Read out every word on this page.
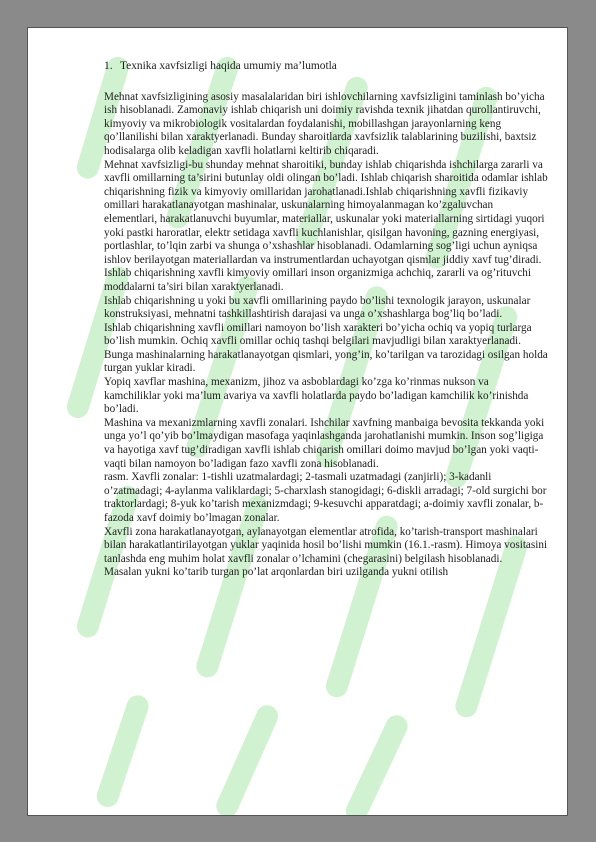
1. Texnika xavfsizligi haqida umumiy ma’lumotla

Mehnat xavfsizligining asosiy masalalaridan biri ishlovchilarning xavfsizligini taminlash bo’yicha ish hisoblanadi. Zamonaviy ishlab chiqarish uni doimiy ravishda texnik jihatdan qurollantiruvchi, kimyoviy va mikrobiologik vositalardan foydalanishi, mobillashgan jarayonlarning keng qo’llanilishi bilan xaraktyerlanadi. Bunday sharoitlarda xavfsizlik talablarining buzilishi, baxtsiz hodisalarga olib keladigan xavfli holatlarni keltirib chiqaradi.

Mehnat xavfsizligi-bu shunday mehnat sharoitiki, bunday ishlab chiqarishda ishchilarga zararli va xavfli omillarning ta’sirini butunlay oldi olingan bo’ladi. Ishlab chiqarish sharoitida odamlar ishlab chiqarishning fizik va kimyoviy omillaridan jarohatlanadi.Ishlab chiqarishning xavfli fizikaviy omillari harakatlanayotgan mashinalar, uskunalarning himoyalanmagan ko’zgaluvchan elementlari, harakatlanuvchi buyumlar, materiallar, uskunalar yoki materiallarning sirtidagi yuqori yoki pastki haroratlar, elektr setidaga xavfli kuchlanishlar, qisilgan havoning, gazning energiyasi, portlashlar, to’lqin zarbi va shunga o’xshashlar hisoblanadi. Odamlarning sog’ligi uchun ayniqsa ishlov berilayotgan materiallardan va instrumentlardan uchayotgan qismlar jiddiy xavf tug’diradi. Ishlab chiqarishning xavfli kimyoviy omillari inson organizmiga achchiq, zararli va og’rituvchi moddalarni ta’siri bilan xaraktyerlanadi.

Ishlab chiqarishning u yoki bu xavfli omillarining paydo bo’lishi texnologik jarayon, uskunalar konstruksiyasi, mehnatni tashkillashtirish darajasi va unga o’xshashlarga bog’liq bo’ladi.

Ishlab chiqarishning xavfli omillari namoyon bo’lish xarakteri bo’yicha ochiq va yopiq turlarga bo’lish mumkin. Ochiq xavfli omillar ochiq tashqi belgilari mavjudligi bilan xaraktyerlanadi. Bunga mashinalarning harakatlanayotgan qismlari, yong’in, ko’tarilgan va tarozidagi osilgan holda turgan yuklar kiradi.

Yopiq xavflar mashina, mexanizm, jihoz va asboblardagi ko’zga ko’rinmas nukson va kamchiliklar yoki ma’lum avariya va xavfli holatlarda paydo bo’ladigan kamchilik ko’rinishda bo’ladi.

Mashina va mexanizmlarning xavfli zonalari. Ishchilar xavfning manbaiga bevosita tekkanda yoki unga yo’l qo’yib bo’lmaydigan masofaga yaqinlashganda jarohatlanishi mumkin. Inson sog’ligiga va hayotiga xavf tug’diradigan xavfli ishlab chiqarish omillari doimo mavjud bo’lgan yoki vaqti-vaqti bilan namoyon bo’ladigan fazo xavfli zona hisoblanadi.

rasm. Xavfli zonalar: 1-tishli uzatmalardagi; 2-tasmali uzatmadagi (zanjirli); 3-kadanli o’zatmadagi; 4-aylanma valiklardagi; 5-charxlash stanogidagi; 6-diskli arradagi; 7-old surgichi bor traktorlardagi; 8-yuk ko’tarish mexanizmdagi; 9-kesuvchi apparatdagi; a-doimiy xavfli zonalar, b-fazoda xavf doimiy bo’lmagan zonalar.

Xavfli zona harakatlanayotgan, aylanayotgan elementlar atrofida, ko’tarish-transport mashinalari bilan harakatlantirilayotgan yuklar yaqinida hosil bo’lishi mumkin (16.1.-rasm). Himoya vositasini tanlashda eng muhim holat xavfli zonalar o’lchamini (chegarasini) belgilash hisoblanadi.

Masalan yukni ko’tarib turgan po’lat arqonlardan biri uzilganda yukni otilish
